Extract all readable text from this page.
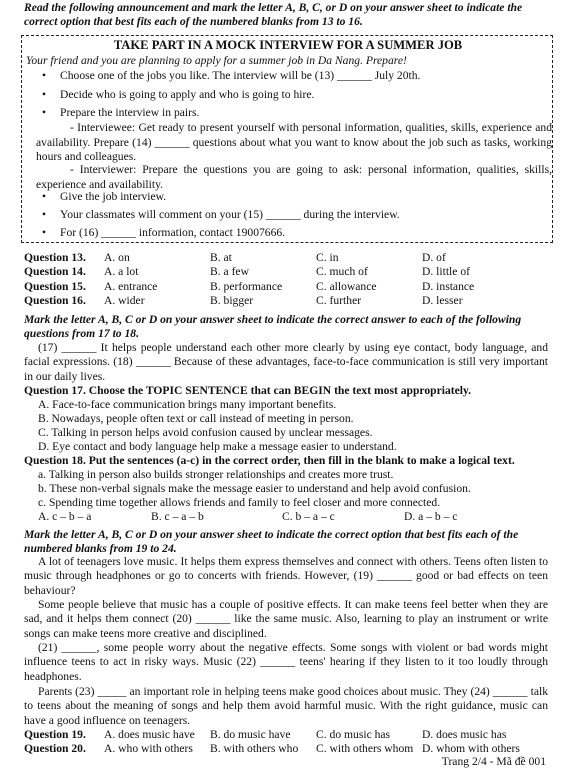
Read the following announcement and mark the letter A, B, C, or D on your answer sheet to indicate the correct option that best fits each of the numbered blanks from 13 to 16.

TAKE PART IN A MOCK INTERVIEW FOR A SUMMER JOB
Your friend and you are planning to apply for a summer job in Da Nang. Prepare!
• Choose one of the jobs you like. The interview will be (13) ______ July 20th.
• Decide who is going to apply and who is going to hire.
• Prepare the interview in pairs.
- Interviewee: Get ready to present yourself with personal information, qualities, skills, experience and availability. Prepare (14) ______ questions about what you want to know about the job such as tasks, working hours and colleagues.
- Interviewer: Prepare the questions you are going to ask: personal information, qualities, skills, experience and availability.
• Give the job interview.
• Your classmates will comment on your (15) ______ during the interview.
• For (16) ______ information, contact 19007666.
Question 13.	A. on	B. at	C. in	D. of
Question 14.	A. a lot	B. a few	C. much of	D. little of
Question 15.	A. entrance	B. performance	C. allowance	D. instance
Question 16.	A. wider	B. bigger	C. further	D. lesser

Mark the letter A, B, C or D on your answer sheet to indicate the correct answer to each of the following questions from 17 to 18.

(17) ______ It helps people understand each other more clearly by using eye contact, body language, and facial expressions. (18) ______ Because of these advantages, face-to-face communication is still very important in our daily lives.

Question 17. Choose the TOPIC SENTENCE that can BEGIN the text most appropriately.

A. Face-to-face communication brings many important benefits.

B. Nowadays, people often text or call instead of meeting in person.

C. Talking in person helps avoid confusion caused by unclear messages.

D. Eye contact and body language help make a message easier to understand.

Question 18. Put the sentences (a-c) in the correct order, then fill in the blank to make a logical text.

a. Talking in person also builds stronger relationships and creates more trust.

b. These non-verbal signals make the message easier to understand and help avoid confusion.

c. Spending time together allows friends and family to feel closer and more connected.

A. c – b – a	B. c – a – b	C. b – a – c	D. a – b – c

Mark the letter A, B, C or D on your answer sheet to indicate the correct option that best fits each of the numbered blanks from 19 to 24.

A lot of teenagers love music. It helps them express themselves and connect with others. Teens often listen to music through headphones or go to concerts with friends. However, (19) ______ good or bad effects on teen behaviour?

Some people believe that music has a couple of positive effects. It can make teens feel better when they are sad, and it helps them connect (20) ______ like the same music. Also, learning to play an instrument or write songs can make teens more creative and disciplined.

(21) ______, some people worry about the negative effects. Some songs with violent or bad words might influence teens to act in risky ways. Music (22) ______ teens' hearing if they listen to it too loudly through headphones.

Parents (23) _____ an important role in helping teens make good choices about music. They (24) ______ talk to teens about the meaning of songs and help them avoid harmful music. With the right guidance, music can have a good influence on teenagers.

Question 19.	A. does music have	B. do music have	C. do music has	D. does music has
Question 20.	A. who with others	B. with others who	C. with others whom	D. whom with others
Trang 2/4 - Mã đề 001
